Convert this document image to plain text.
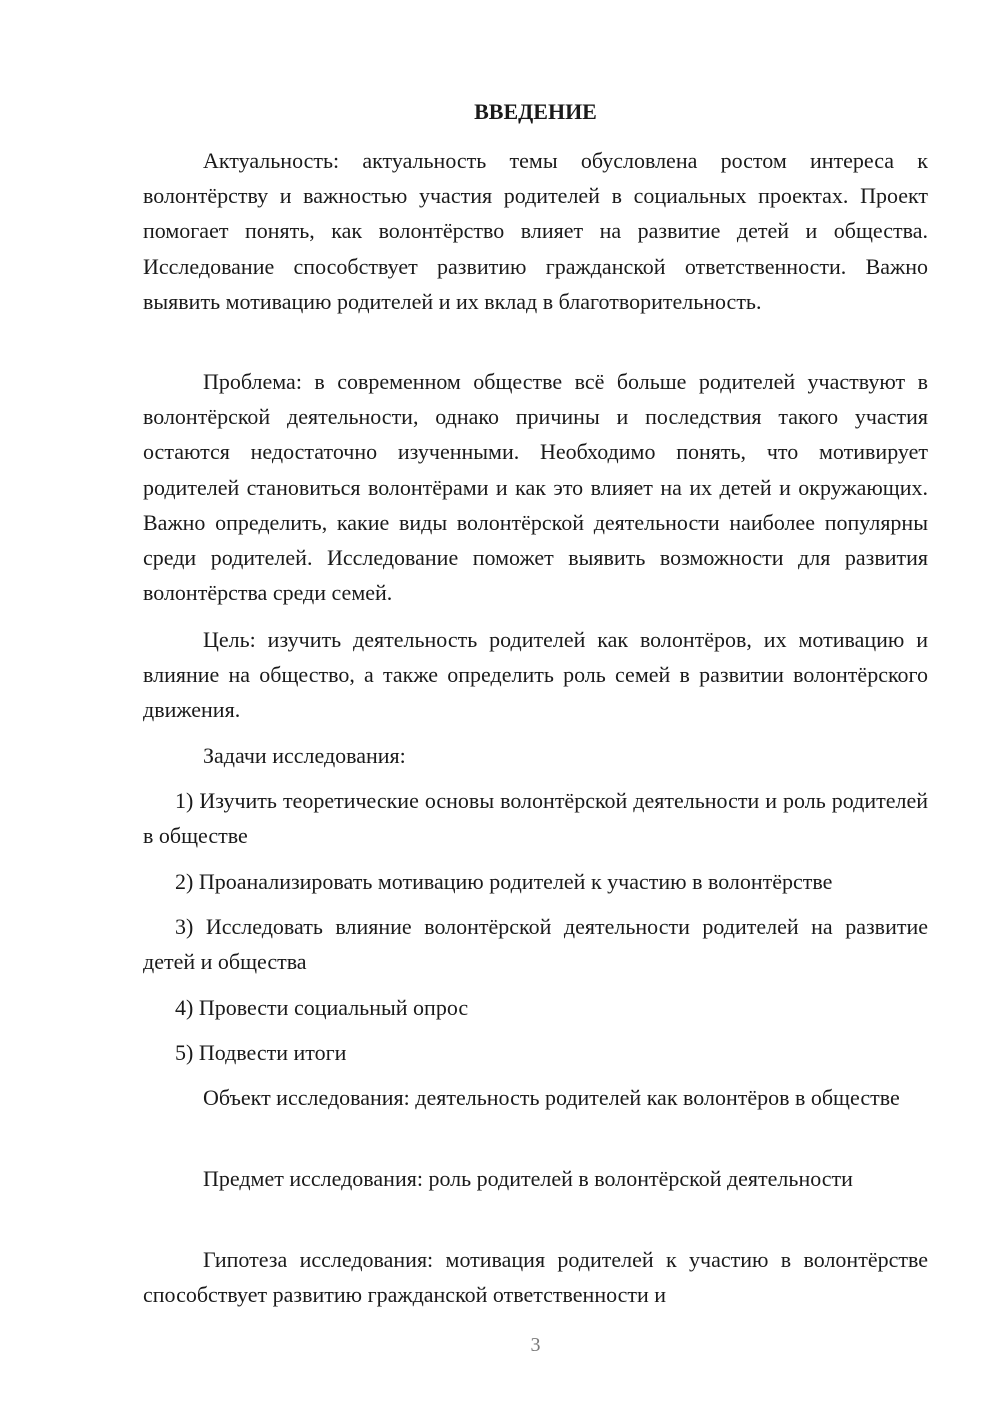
ВВЕДЕНИЕ

Актуальность: актуальность темы обусловлена ростом интереса к волонтёрству и важностью участия родителей в социальных проектах. Проект помогает понять, как волонтёрство влияет на развитие детей и общества. Исследование способствует развитию гражданской ответственности. Важно выявить мотивацию родителей и их вклад в благотворительность.

Проблема: в современном обществе всё больше родителей участвуют в волонтёрской деятельности, однако причины и последствия такого участия остаются недостаточно изученными. Необходимо понять, что мотивирует родителей становиться волонтёрами и как это влияет на их детей и окружающих. Важно определить, какие виды волонтёрской деятельности наиболее популярны среди родителей. Исследование поможет выявить возможности для развития волонтёрства среди семей.

Цель: изучить деятельность родителей как волонтёров, их мотивацию и влияние на общество, а также определить роль семей в развитии волонтёрского движения.

Задачи исследования:

1) Изучить теоретические основы волонтёрской деятельности и роль родителей в обществе

2) Проанализировать мотивацию родителей к участию в волонтёрстве

3) Исследовать влияние волонтёрской деятельности родителей на развитие детей и общества

4) Провести социальный опрос

5) Подвести итоги

Объект исследования: деятельность родителей как волонтёров в обществе

Предмет исследования: роль родителей в волонтёрской деятельности

Гипотеза исследования: мотивация родителей к участию в волонтёрстве способствует развитию гражданской ответственности и

3
